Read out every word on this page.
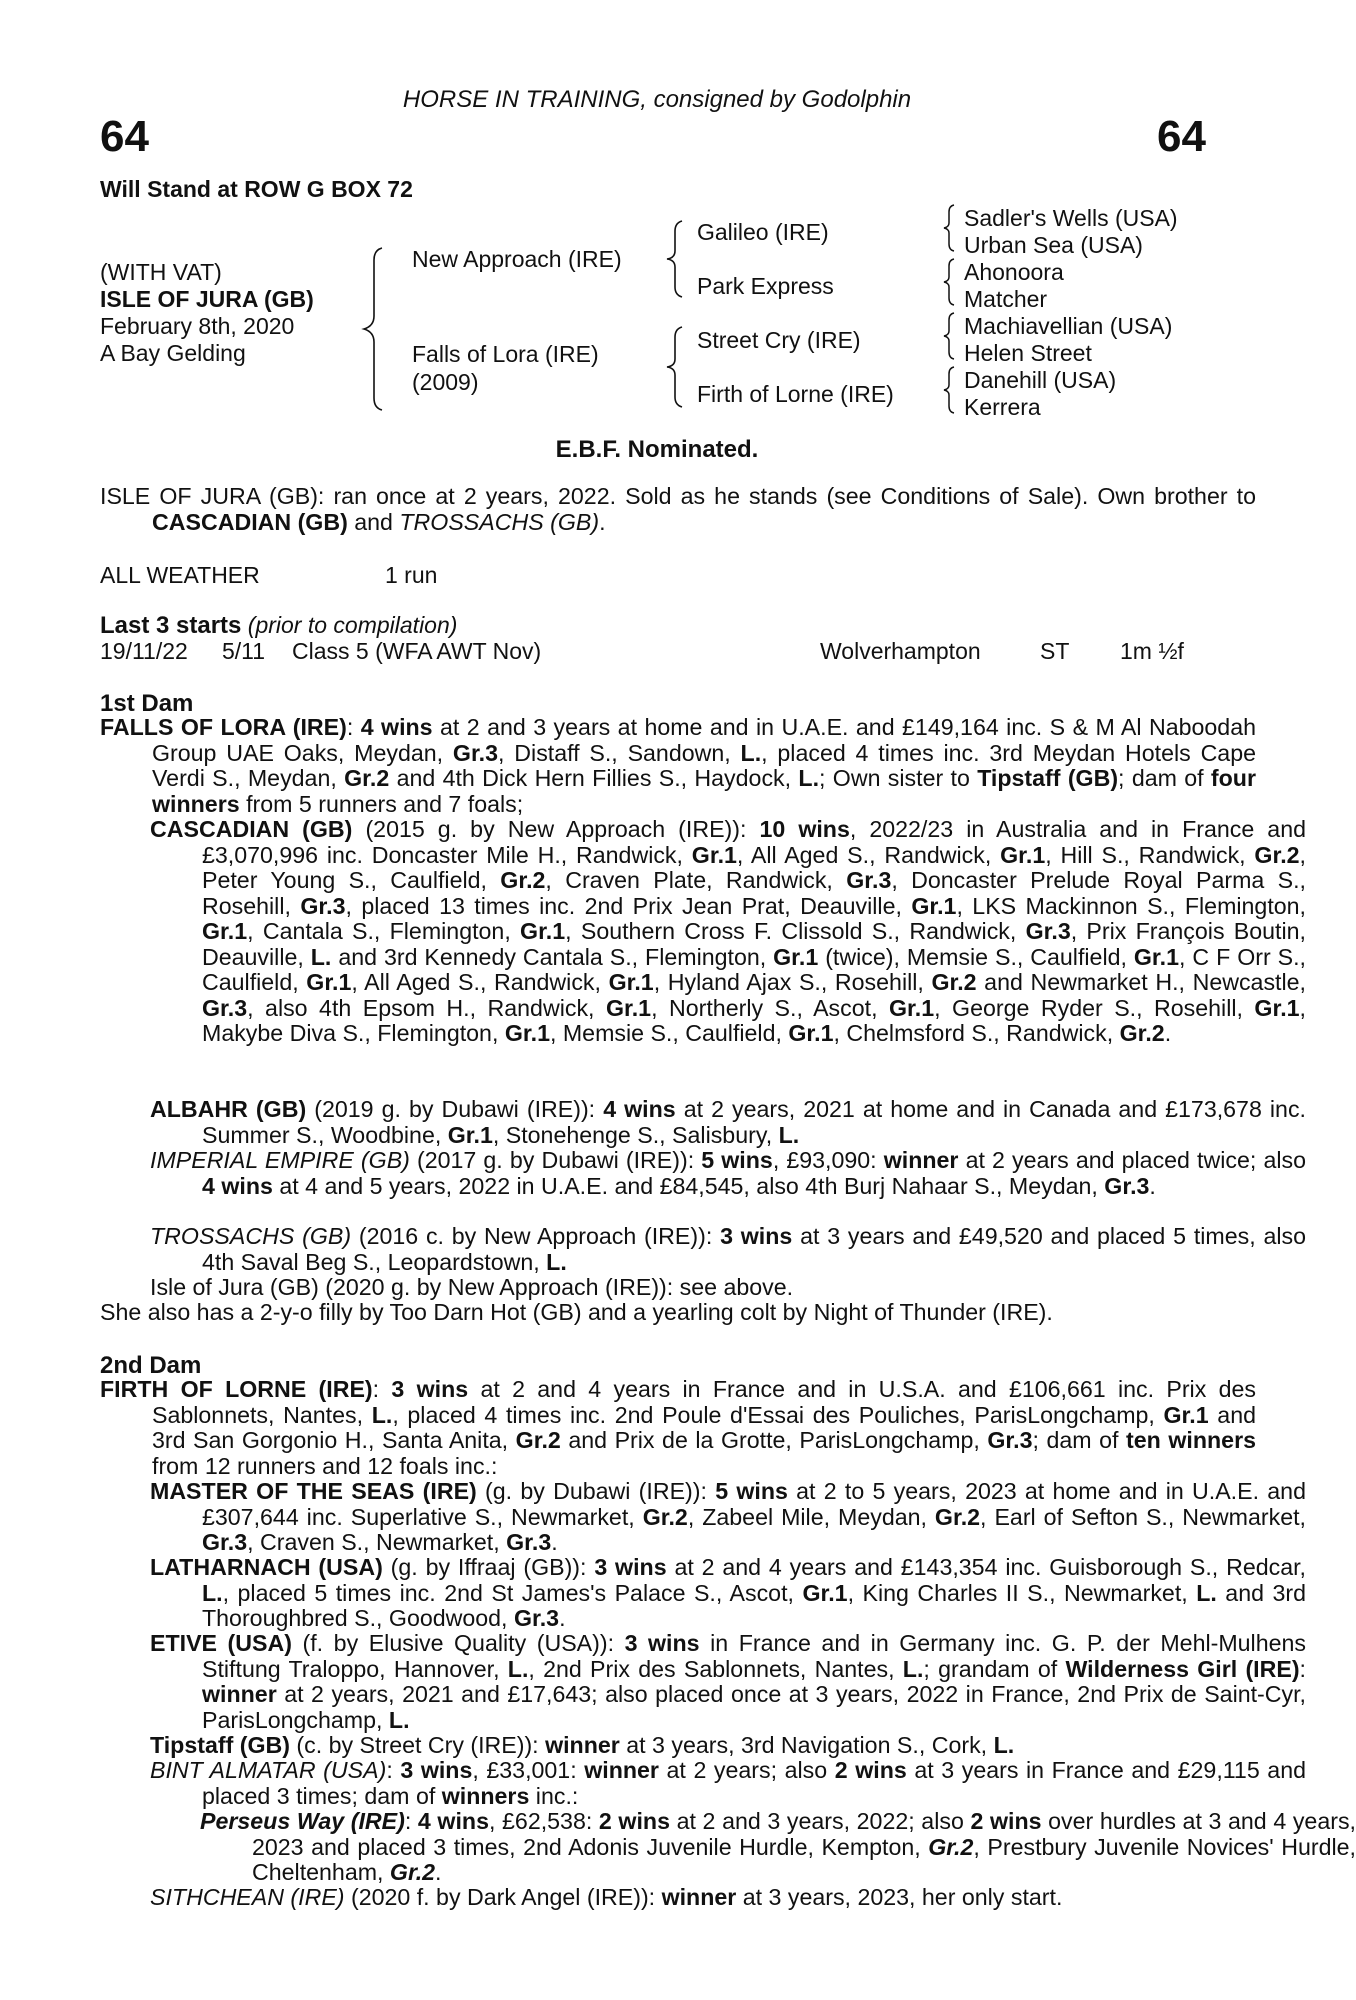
HORSE IN TRAINING, consigned by Godolphin
64	64
Will Stand at ROW G BOX 72
(WITH VAT)
ISLE OF JURA (GB)
February 8th, 2020
A Bay Gelding
New Approach (IRE)
Falls of Lora (IRE)
(2009)
Galileo (IRE)
Park Express
Street Cry (IRE)
Firth of Lorne (IRE)
Sadler's Wells (USA)
Urban Sea (USA)
Ahonoora
Matcher
Machiavellian (USA)
Helen Street
Danehill (USA)
Kerrera
E.B.F. Nominated.
ISLE OF JURA (GB): ran once at 2 years, 2022. Sold as he stands (see Conditions of Sale). Own brother to CASCADIAN (GB) and TROSSACHS (GB).
ALL WEATHER	1 run
Last 3 starts (prior to compilation)
19/11/22 5/11 Class 5 (WFA AWT Nov)	Wolverhampton	ST 1m ½f
1st Dam
FALLS OF LORA (IRE): 4 wins at 2 and 3 years at home and in U.A.E. and £149,164 inc. S & M Al Naboodah Group UAE Oaks, Meydan, Gr.3, Distaff S., Sandown, L., placed 4 times inc. 3rd Meydan Hotels Cape Verdi S., Meydan, Gr.2 and 4th Dick Hern Fillies S., Haydock, L.; Own sister to Tipstaff (GB); dam of four winners from 5 runners and 7 foals;
CASCADIAN (GB) (2015 g. by New Approach (IRE)): 10 wins, 2022/23 in Australia and in France and £3,070,996 inc. Doncaster Mile H., Randwick, Gr.1, All Aged S., Randwick, Gr.1, Hill S., Randwick, Gr.2, Peter Young S., Caulfield, Gr.2, Craven Plate, Randwick, Gr.3, Doncaster Prelude Royal Parma S., Rosehill, Gr.3, placed 13 times inc. 2nd Prix Jean Prat, Deauville, Gr.1, LKS Mackinnon S., Flemington, Gr.1, Cantala S., Flemington, Gr.1, Southern Cross F. Clissold S., Randwick, Gr.3, Prix François Boutin, Deauville, L. and 3rd Kennedy Cantala S., Flemington, Gr.1 (twice), Memsie S., Caulfield, Gr.1, C F Orr S., Caulfield, Gr.1, All Aged S., Randwick, Gr.1, Hyland Ajax S., Rosehill, Gr.2 and Newmarket H., Newcastle, Gr.3, also 4th Epsom H., Randwick, Gr.1, Northerly S., Ascot, Gr.1, George Ryder S., Rosehill, Gr.1, Makybe Diva S., Flemington, Gr.1, Memsie S., Caulfield, Gr.1, Chelmsford S., Randwick, Gr.2.
ALBAHR (GB) (2019 g. by Dubawi (IRE)): 4 wins at 2 years, 2021 at home and in Canada and £173,678 inc. Summer S., Woodbine, Gr.1, Stonehenge S., Salisbury, L.
IMPERIAL EMPIRE (GB) (2017 g. by Dubawi (IRE)): 5 wins, £93,090: winner at 2 years and placed twice; also 4 wins at 4 and 5 years, 2022 in U.A.E. and £84,545, also 4th Burj Nahaar S., Meydan, Gr.3.
TROSSACHS (GB) (2016 c. by New Approach (IRE)): 3 wins at 3 years and £49,520 and placed 5 times, also 4th Saval Beg S., Leopardstown, L.
Isle of Jura (GB) (2020 g. by New Approach (IRE)): see above.
She also has a 2-y-o filly by Too Darn Hot (GB) and a yearling colt by Night of Thunder (IRE).
2nd Dam
FIRTH OF LORNE (IRE): 3 wins at 2 and 4 years in France and in U.S.A. and £106,661 inc. Prix des Sablonnets, Nantes, L., placed 4 times inc. 2nd Poule d'Essai des Pouliches, ParisLongchamp, Gr.1 and 3rd San Gorgonio H., Santa Anita, Gr.2 and Prix de la Grotte, ParisLongchamp, Gr.3; dam of ten winners from 12 runners and 12 foals inc.:
MASTER OF THE SEAS (IRE) (g. by Dubawi (IRE)): 5 wins at 2 to 5 years, 2023 at home and in U.A.E. and £307,644 inc. Superlative S., Newmarket, Gr.2, Zabeel Mile, Meydan, Gr.2, Earl of Sefton S., Newmarket, Gr.3, Craven S., Newmarket, Gr.3.
LATHARNACH (USA) (g. by Iffraaj (GB)): 3 wins at 2 and 4 years and £143,354 inc. Guisborough S., Redcar, L., placed 5 times inc. 2nd St James's Palace S., Ascot, Gr.1, King Charles II S., Newmarket, L. and 3rd Thoroughbred S., Goodwood, Gr.3.
ETIVE (USA) (f. by Elusive Quality (USA)): 3 wins in France and in Germany inc. G. P. der Mehl-Mulhens Stiftung Traloppo, Hannover, L., 2nd Prix des Sablonnets, Nantes, L.; grandam of Wilderness Girl (IRE): winner at 2 years, 2021 and £17,643; also placed once at 3 years, 2022 in France, 2nd Prix de Saint-Cyr, ParisLongchamp, L.
Tipstaff (GB) (c. by Street Cry (IRE)): winner at 3 years, 3rd Navigation S., Cork, L.
BINT ALMATAR (USA): 3 wins, £33,001: winner at 2 years; also 2 wins at 3 years in France and £29,115 and placed 3 times; dam of winners inc.:
Perseus Way (IRE): 4 wins, £62,538: 2 wins at 2 and 3 years, 2022; also 2 wins over hurdles at 3 and 4 years, 2023 and placed 3 times, 2nd Adonis Juvenile Hurdle, Kempton, Gr.2, Prestbury Juvenile Novices' Hurdle, Cheltenham, Gr.2.
SITHCHEAN (IRE) (2020 f. by Dark Angel (IRE)): winner at 3 years, 2023, her only start.
